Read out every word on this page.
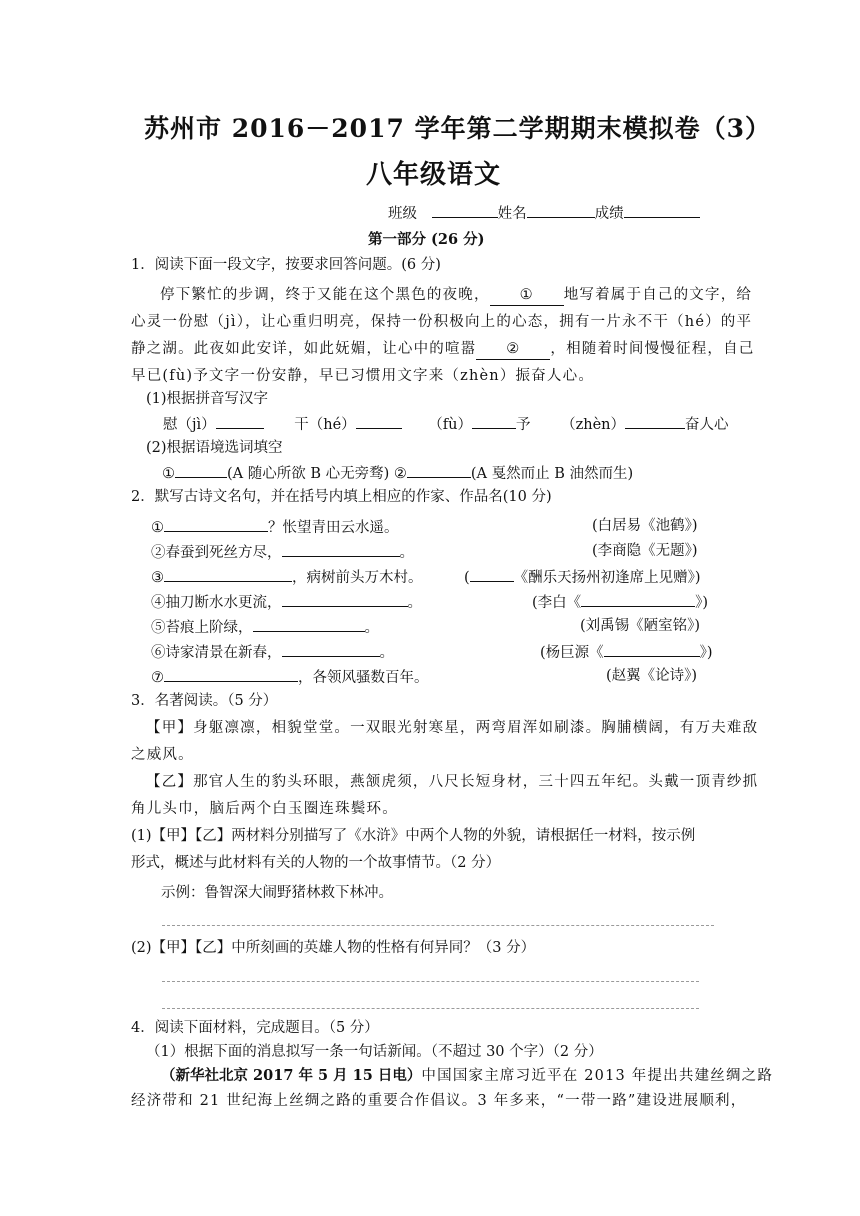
苏州市 2016－2017 学年第二学期期末模拟卷（3）
八年级语文
班级	姓名	成绩
第一部分 (26 分)
1．阅读下面一段文字，按要求回答问题。(6 分)
停下繁忙的步调，终于又能在这个黑色的夜晚， ① 地写着属于自己的文字，给
心灵一份慰（jì），让心重归明亮，保持一份积极向上的心态，拥有一片永不干（hé）的平
静之湖。此夜如此安详，如此妩媚，让心中的喧嚣 ② ，相随着时间慢慢征程，自己
早已(fù)予文字一份安静，早已习惯用文字来（zhèn）振奋人心。
(1)根据拼音写汉字
慰（jì）	干（hé）	（fù）	予 （zhèn）	奋人心
(2)根据语境选词填空
①	(A 随心所欲 B 心无旁骛) ②	(A 戛然而止 B 油然而生)
2．默写古诗文名句，并在括号内填上相应的作家、作品名(10 分)
①	？怅望青田云水遥。	(白居易《池鹤》)
②春蚕到死丝方尽，	。	(李商隐《无题》)
③	，病树前头万木村。	(	《酬乐天扬州初逢席上见赠》)
④抽刀断水水更流，	。	(李白《	》)
⑤苔痕上阶绿，	。	(刘禹锡《陋室铭》)
⑥诗家清景在新春，	。	(杨巨源《	》)
⑦	，各领风骚数百年。	(赵翼《论诗》)
3．名著阅读。（5 分）
【甲】身躯凛凛，相貌堂堂。一双眼光射寒星，两弯眉浑如刷漆。胸脯横阔，有万夫难敌
之威风。
【乙】那官人生的豹头环眼，燕颔虎须，八尺长短身材，三十四五年纪。头戴一顶青纱抓
角儿头巾，脑后两个白玉圈连珠鬓环。
(1)【甲】【乙】两材料分别描写了《水浒》中两个人物的外貌，请根据任一材料，按示例
形式，概述与此材料有关的人物的一个故事情节。（2 分）
示例：鲁智深大闹野猪林救下林冲。
(2)【甲】【乙】中所刻画的英雄人物的性格有何异同？（3 分）
4．阅读下面材料，完成题目。（5 分）
（1）根据下面的消息拟写一条一句话新闻。（不超过 30 个字）（2 分）
（新华社北京 2017 年 5 月 15 日电）中国国家主席习近平在 2013 年提出共建丝绸之路
经济带和 21 世纪海上丝绸之路的重要合作倡议。3 年多来，“一带一路”建设进展顺利，
